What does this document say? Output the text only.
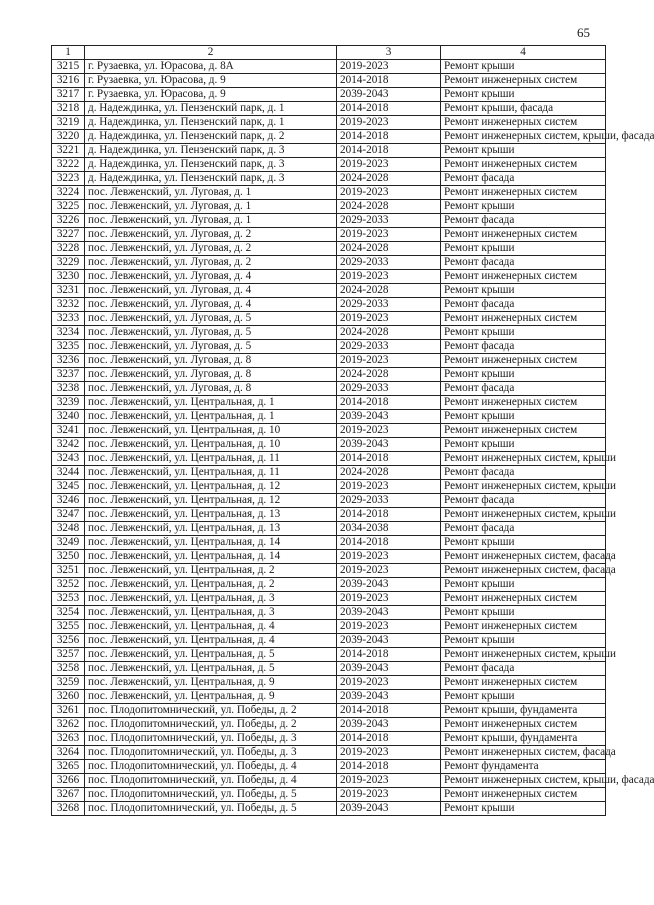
65
1	2	3	4
3215	г. Рузаевка, ул. Юрасова, д. 8А	2019-2023	Ремонт крыши
3216	г. Рузаевка, ул. Юрасова, д. 9	2014-2018	Ремонт инженерных систем
3217	г. Рузаевка, ул. Юрасова, д. 9	2039-2043	Ремонт крыши
3218	д. Надеждинка, ул. Пензенский парк, д. 1	2014-2018	Ремонт крыши, фасада
3219	д. Надеждинка, ул. Пензенский парк, д. 1	2019-2023	Ремонт инженерных систем
3220	д. Надеждинка, ул. Пензенский парк, д. 2	2014-2018	Ремонт инженерных систем, крыши, фасада
3221	д. Надеждинка, ул. Пензенский парк, д. 3	2014-2018	Ремонт крыши
3222	д. Надеждинка, ул. Пензенский парк, д. 3	2019-2023	Ремонт инженерных систем
3223	д. Надеждинка, ул. Пензенский парк, д. 3	2024-2028	Ремонт фасада
3224	пос. Левженский, ул. Луговая, д. 1	2019-2023	Ремонт инженерных систем
3225	пос. Левженский, ул. Луговая, д. 1	2024-2028	Ремонт крыши
3226	пос. Левженский, ул. Луговая, д. 1	2029-2033	Ремонт фасада
3227	пос. Левженский, ул. Луговая, д. 2	2019-2023	Ремонт инженерных систем
3228	пос. Левженский, ул. Луговая, д. 2	2024-2028	Ремонт крыши
3229	пос. Левженский, ул. Луговая, д. 2	2029-2033	Ремонт фасада
3230	пос. Левженский, ул. Луговая, д. 4	2019-2023	Ремонт инженерных систем
3231	пос. Левженский, ул. Луговая, д. 4	2024-2028	Ремонт крыши
3232	пос. Левженский, ул. Луговая, д. 4	2029-2033	Ремонт фасада
3233	пос. Левженский, ул. Луговая, д. 5	2019-2023	Ремонт инженерных систем
3234	пос. Левженский, ул. Луговая, д. 5	2024-2028	Ремонт крыши
3235	пос. Левженский, ул. Луговая, д. 5	2029-2033	Ремонт фасада
3236	пос. Левженский, ул. Луговая, д. 8	2019-2023	Ремонт инженерных систем
3237	пос. Левженский, ул. Луговая, д. 8	2024-2028	Ремонт крыши
3238	пос. Левженский, ул. Луговая, д. 8	2029-2033	Ремонт фасада
3239	пос. Левженский, ул. Центральная, д. 1	2014-2018	Ремонт инженерных систем
3240	пос. Левженский, ул. Центральная, д. 1	2039-2043	Ремонт крыши
3241	пос. Левженский, ул. Центральная, д. 10	2019-2023	Ремонт инженерных систем
3242	пос. Левженский, ул. Центральная, д. 10	2039-2043	Ремонт крыши
3243	пос. Левженский, ул. Центральная, д. 11	2014-2018	Ремонт инженерных систем, крыши
3244	пос. Левженский, ул. Центральная, д. 11	2024-2028	Ремонт фасада
3245	пос. Левженский, ул. Центральная, д. 12	2019-2023	Ремонт инженерных систем, крыши
3246	пос. Левженский, ул. Центральная, д. 12	2029-2033	Ремонт фасада
3247	пос. Левженский, ул. Центральная, д. 13	2014-2018	Ремонт инженерных систем, крыши
3248	пос. Левженский, ул. Центральная, д. 13	2034-2038	Ремонт фасада
3249	пос. Левженский, ул. Центральная, д. 14	2014-2018	Ремонт крыши
3250	пос. Левженский, ул. Центральная, д. 14	2019-2023	Ремонт инженерных систем, фасада
3251	пос. Левженский, ул. Центральная, д. 2	2019-2023	Ремонт инженерных систем, фасада
3252	пос. Левженский, ул. Центральная, д. 2	2039-2043	Ремонт крыши
3253	пос. Левженский, ул. Центральная, д. 3	2019-2023	Ремонт инженерных систем
3254	пос. Левженский, ул. Центральная, д. 3	2039-2043	Ремонт крыши
3255	пос. Левженский, ул. Центральная, д. 4	2019-2023	Ремонт инженерных систем
3256	пос. Левженский, ул. Центральная, д. 4	2039-2043	Ремонт крыши
3257	пос. Левженский, ул. Центральная, д. 5	2014-2018	Ремонт инженерных систем, крыши
3258	пос. Левженский, ул. Центральная, д. 5	2039-2043	Ремонт фасада
3259	пос. Левженский, ул. Центральная, д. 9	2019-2023	Ремонт инженерных систем
3260	пос. Левженский, ул. Центральная, д. 9	2039-2043	Ремонт крыши
3261	пос. Плодопитомнический, ул. Победы, д. 2	2014-2018	Ремонт крыши, фундамента
3262	пос. Плодопитомнический, ул. Победы, д. 2	2039-2043	Ремонт инженерных систем
3263	пос. Плодопитомнический, ул. Победы, д. 3	2014-2018	Ремонт крыши, фундамента
3264	пос. Плодопитомнический, ул. Победы, д. 3	2019-2023	Ремонт инженерных систем, фасада
3265	пос. Плодопитомнический, ул. Победы, д. 4	2014-2018	Ремонт фундамента
3266	пос. Плодопитомнический, ул. Победы, д. 4	2019-2023	Ремонт инженерных систем, крыши, фасада
3267	пос. Плодопитомнический, ул. Победы, д. 5	2019-2023	Ремонт инженерных систем
3268	пос. Плодопитомнический, ул. Победы, д. 5	2039-2043	Ремонт крыши
